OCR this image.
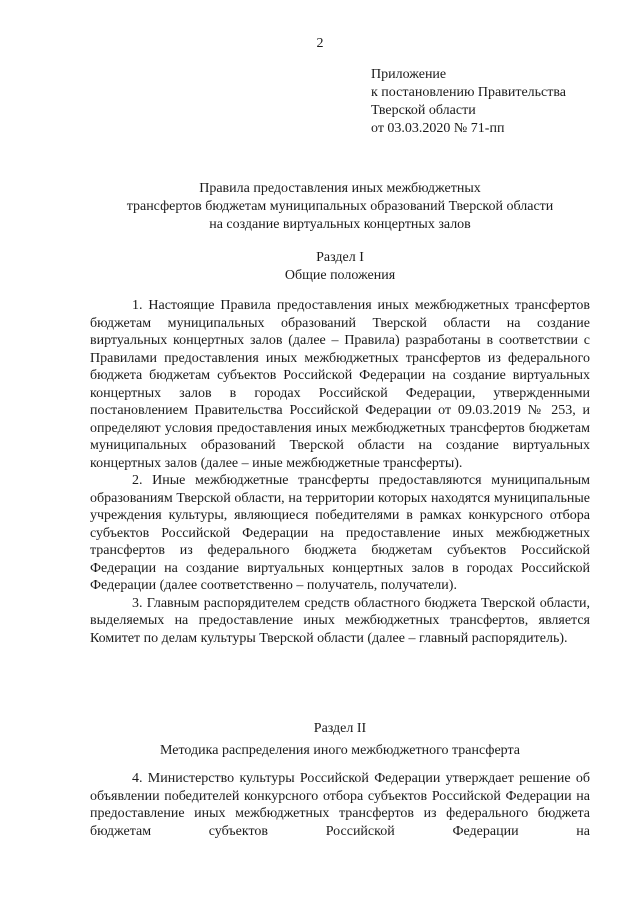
2
Приложение
к постановлению Правительства
Тверской области
от 03.03.2020 № 71-пп
Правила предоставления иных межбюджетных
трансфертов бюджетам муниципальных образований Тверской области
на создание виртуальных концертных залов
Раздел I
Общие положения

1. Настоящие Правила предоставления иных межбюджетных трансфертов бюджетам муниципальных образований Тверской области на создание виртуальных концертных залов (далее – Правила) разработаны в соответствии с Правилами предоставления иных межбюджетных трансфертов из федерального бюджета бюджетам субъектов Российской Федерации на создание виртуальных концертных залов в городах Российской Федерации, утвержденными постановлением Правительства Российской Федерации от 09.03.2019 № 253, и определяют условия предоставления иных межбюджетных трансфертов бюджетам муниципальных образований Тверской области на создание виртуальных концертных залов (далее – иные межбюджетные трансферты).

2. Иные межбюджетные трансферты предоставляются муниципальным образованиям Тверской области, на территории которых находятся муниципальные учреждения культуры, являющиеся победителями в рамках конкурсного отбора субъектов Российской Федерации на предоставление иных межбюджетных трансфертов из федерального бюджета бюджетам субъектов Российской Федерации на создание виртуальных концертных залов в городах Российской Федерации (далее соответственно – получатель, получатели).

3. Главным распорядителем средств областного бюджета Тверской области, выделяемых на предоставление иных межбюджетных трансфертов, является Комитет по делам культуры Тверской области (далее – главный распорядитель).

Раздел II
Методика распределения иного межбюджетного трансферта

4. Министерство культуры Российской Федерации утверждает решение об объявлении победителей конкурсного отбора субъектов Российской Федерации на предоставление иных межбюджетных трансфертов из федерального бюджета бюджетам субъектов Российской Федерации на
